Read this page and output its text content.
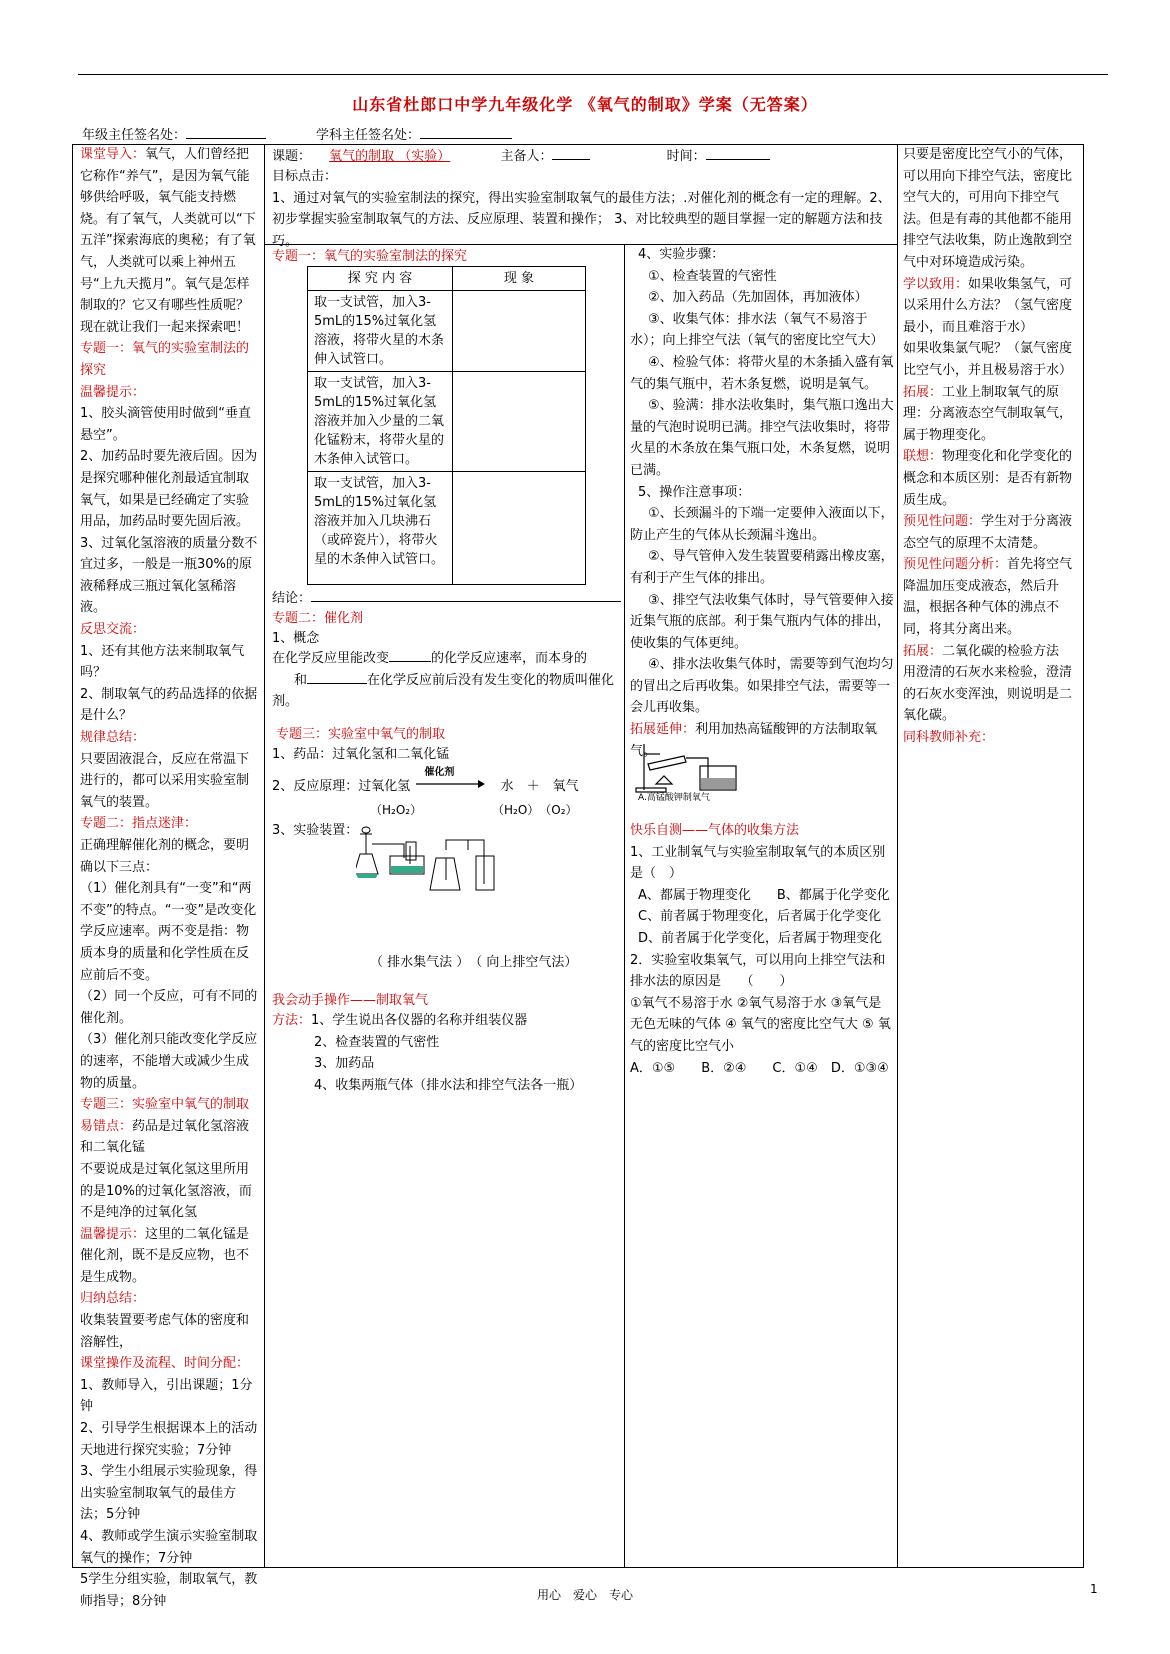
山东省杜郎口中学九年级化学 《氧气的制取》学案（无答案）
年级主任签名处：	学科主任签名处：
课题： 氧气的制取 （实验）	主备人：	时间：

目标点击：

1、通过对氧气的实验室制法的探究，得出实验室制取氧气的最佳方法；.对催化剂的概念有一定的理解。2、初步掌握实验室制取氧气的方法、反应原理、装置和操作； 3、对比较典型的题目掌握一定的解题方法和技巧。

课堂导入：氧气，人们曾经把它称作“养气”，是因为氧气能够供给呼吸，氧气能支持燃烧。有了氧气，人类就可以“下五洋”探索海底的奥秘；有了氧气，人类就可以乘上神州五号“上九天揽月”。氧气是怎样制取的？它又有哪些性质呢？现在就让我们一起来探索吧！

专题一：氧气的实验室制法的探究

温馨提示：

1、胶头滴管使用时做到“垂直悬空”。

2、加药品时要先液后固。因为是探究哪种催化剂最适宜制取氧气，如果是已经确定了实验用品，加药品时要先固后液。

3、过氧化氢溶液的质量分数不宜过多，一般是一瓶30%的原液稀释成三瓶过氧化氢稀溶液。

反思交流：

1、还有其他方法来制取氧气吗？

2、制取氧气的药品选择的依据是什么？

规律总结：

只要固液混合，反应在常温下进行的，都可以采用实验室制氧气的装置。

专题二：指点迷津：

正确理解催化剂的概念，要明确以下三点：

（1）催化剂具有“一变”和“两不变”的特点。“一变”是改变化学反应速率。两不变是指：物质本身的质量和化学性质在反应前后不变。

（2）同一个反应，可有不同的催化剂。

（3）催化剂只能改变化学反应的速率，不能增大或减少生成物的质量。

专题三：实验室中氧气的制取

易错点：药品是过氧化氢溶液和二氧化锰

不要说成是过氧化氢这里所用的是10%的过氧化氢溶液，而不是纯净的过氧化氢

温馨提示：这里的二氧化锰是催化剂，既不是反应物，也不是生成物。

归纳总结：

收集装置要考虑气体的密度和溶解性，

课堂操作及流程、时间分配：

1、教师导入，引出课题；1分钟

2、引导学生根据课本上的活动天地进行探究实验；7分钟

3、学生小组展示实验现象，得出实验室制取氧气的最佳方法；5分钟

4、教师或学生演示实验室制取氧气的操作；7分钟

5学生分组实验，制取氧气，教师指导；8分钟

专题一：氧气的实验室制法的探究
探 究 内 容	现 象
取一支试管，加入3-5mL的15%过氧化氢溶液，将带火星的木条伸入试管口。	
取一支试管，加入3-5mL的15%过氧化氢溶液并加入少量的二氧化锰粉末，将带火星的木条伸入试管口。	
取一支试管，加入3-5mL的15%过氧化氢溶液并加入几块沸石（或碎瓷片），将带火星的木条伸入试管口。	
结论：
专题二：催化剂
1、概念
在化学反应里能改变	的化学反应速率，而本身的
和	在化学反应前后没有发生变化的物质叫催化剂。
专题三：实验室中氧气的制取
1、药品：过氧化氢和二氧化锰
2、反应原理：过氧化氢
催化剂
水　＋　氧气
（H₂O₂）	（H₂O）　（O₂）
3、实验装置：
（ 排水集气法 ）　（ 向上排空气法）
我会动手操作——制取氧气

方法：1、学生说出各仪器的名称并组装仪器

2、检查装置的气密性

3、加药品

4、收集两瓶气体（排水法和排空气法各一瓶）

4、实验步骤：

①、检查装置的气密性

②、加入药品（先加固体，再加液体）

③、收集气体：排水法（氧气不易溶于水）；向上排空气法（氧气的密度比空气大）

④、检验气体：将带火星的木条插入盛有氧气的集气瓶中，若木条复燃，说明是氧气。

⑤、验满：排水法收集时，集气瓶口逸出大量的气泡时说明已满。排空气法收集时，将带火星的木条放在集气瓶口处，木条复燃，说明已满。

5、操作注意事项：

①、长颈漏斗的下端一定要伸入液面以下，防止产生的气体从长颈漏斗逸出。

②、导气管伸入发生装置要稍露出橡皮塞，有利于产生气体的排出。

③、排空气法收集气体时，导气管要伸入接近集气瓶的底部。利于集气瓶内气体的排出，使收集的气体更纯。

④、排水法收集气体时，需要等到气泡均匀的冒出之后再收集。如果排空气法，需要等一会儿再收集。

拓展延伸：利用加热高锰酸钾的方法制取氧气。

A.高锰酸钾制氧气

快乐自测——气体的收集方法

1、工业制氧气与实验室制取氧气的本质区别是（　）

A、都属于物理变化　　B、都属于化学变化

C、前者属于物理变化，后者属于化学变化

D、前者属于化学变化，后者属于物理变化

2．实验室收集氧气，可以用向上排空气法和排水法的原因是　　（　　）

①氧气不易溶于水 ②氧气易溶于水 ③氧气是无色无味的气体 ④ 氧气的密度比空气大 ⑤ 氧气的密度比空气小

A．①⑤　　B．②④　　C．①④　D．①③④

只要是密度比空气小的气体，可以用向下排空气法，密度比空气大的，可用向下排空气法。但是有毒的其他都不能用排空气法收集，防止逸散到空气中对环境造成污染。

学以致用：如果收集氢气，可以采用什么方法？（氢气密度最小，而且难溶于水）

如果收集氯气呢？（氯气密度比空气小，并且极易溶于水）

拓展：工业上制取氧气的原理：分离液态空气制取氧气，属于物理变化。

联想：物理变化和化学变化的概念和本质区别：是否有新物质生成。

预见性问题：学生对于分离液态空气的原理不太清楚。

预见性问题分析：首先将空气降温加压变成液态，然后升温，根据各种气体的沸点不同，将其分离出来。

拓展：二氧化碳的检验方法

用澄清的石灰水来检验，澄清的石灰水变浑浊，则说明是二氧化碳。

同科教师补充：

用心　爱心　专心	1
